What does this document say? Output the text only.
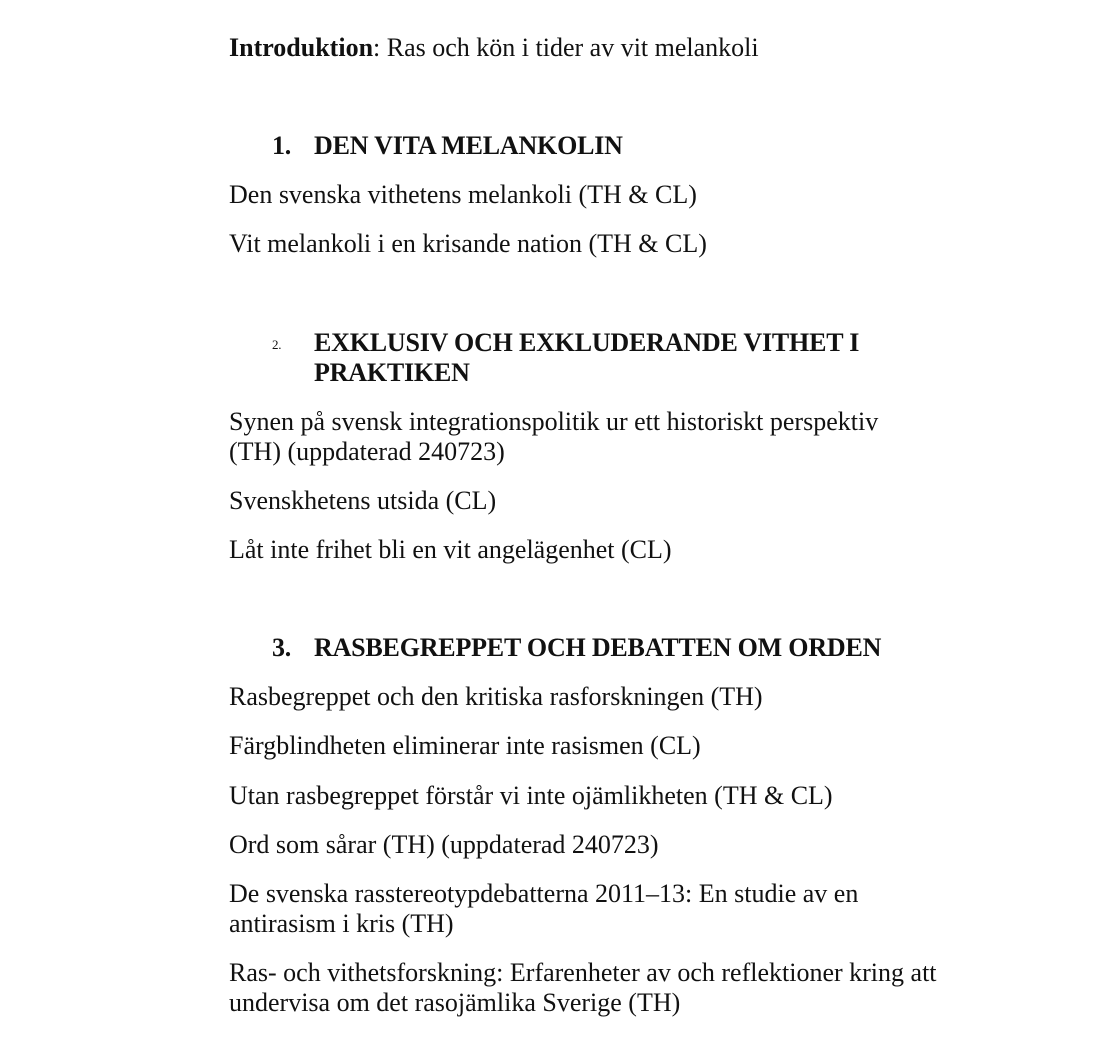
Introduktion: Ras och kön i tider av vit melankoli
1. DEN VITA MELANKOLIN
Den svenska vithetens melankoli (TH & CL)
Vit melankoli i en krisande nation (TH & CL)
2. EXKLUSIV OCH EXKLUDERANDE VITHET I PRAKTIKEN
Synen på svensk integrationspolitik ur ett historiskt perspektiv (TH) (uppdaterad 240723)
Svenskhetens utsida (CL)
Låt inte frihet bli en vit angelägenhet (CL)
3. RASBEGREPPET OCH DEBATTEN OM ORDEN
Rasbegreppet och den kritiska rasforskningen (TH)
Färgblindheten eliminerar inte rasismen (CL)
Utan rasbegreppet förstår vi inte ojämlikheten (TH & CL)
Ord som sårar (TH) (uppdaterad 240723)
De svenska rasstereotypdebatterna 2011–13: En studie av en antirasism i kris (TH)
Ras- och vithetsforskning: Erfarenheter av och reflektioner kring att undervisa om det rasojämlika Sverige (TH)
